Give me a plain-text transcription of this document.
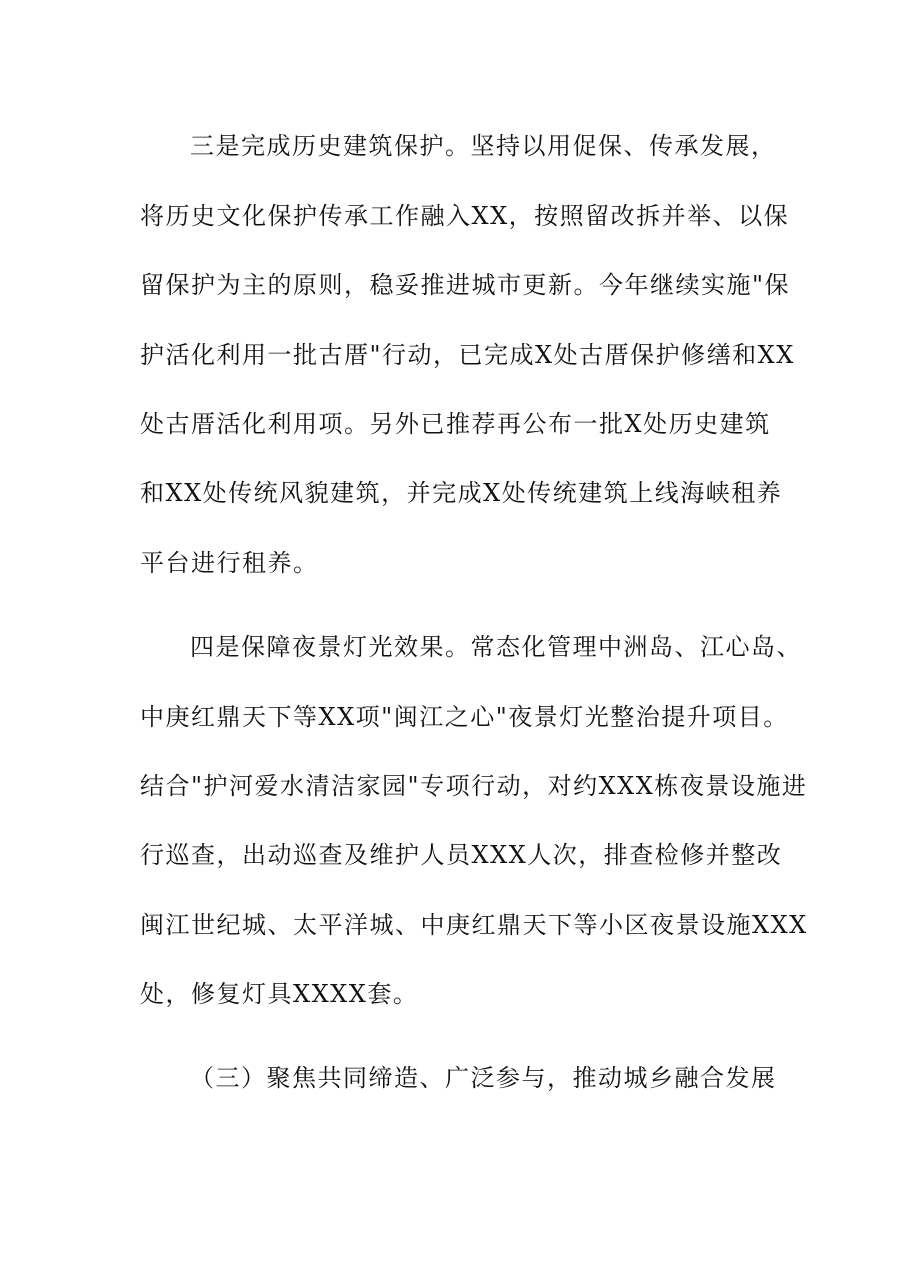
三是完成历史建筑保护。坚持以用促保、传承发展，
将历史文化保护传承工作融入XX，按照留改拆并举、以保
留保护为主的原则，稳妥推进城市更新。今年继续实施"保
护活化利用一批古厝"行动，已完成X处古厝保护修缮和XX
处古厝活化利用项。另外已推荐再公布一批X处历史建筑
和XX处传统风貌建筑，并完成X处传统建筑上线海峡租养
平台进行租养。
四是保障夜景灯光效果。常态化管理中洲岛、江心岛、
中庚红鼎天下等XX项"闽江之心"夜景灯光整治提升项目。
结合"护河爱水清洁家园"专项行动，对约XXX栋夜景设施进
行巡查，出动巡查及维护人员XXX人次，排查检修并整改
闽江世纪城、太平洋城、中庚红鼎天下等小区夜景设施XXX
处，修复灯具XXXX套。
（三）聚焦共同缔造、广泛参与，推动城乡融合发展
